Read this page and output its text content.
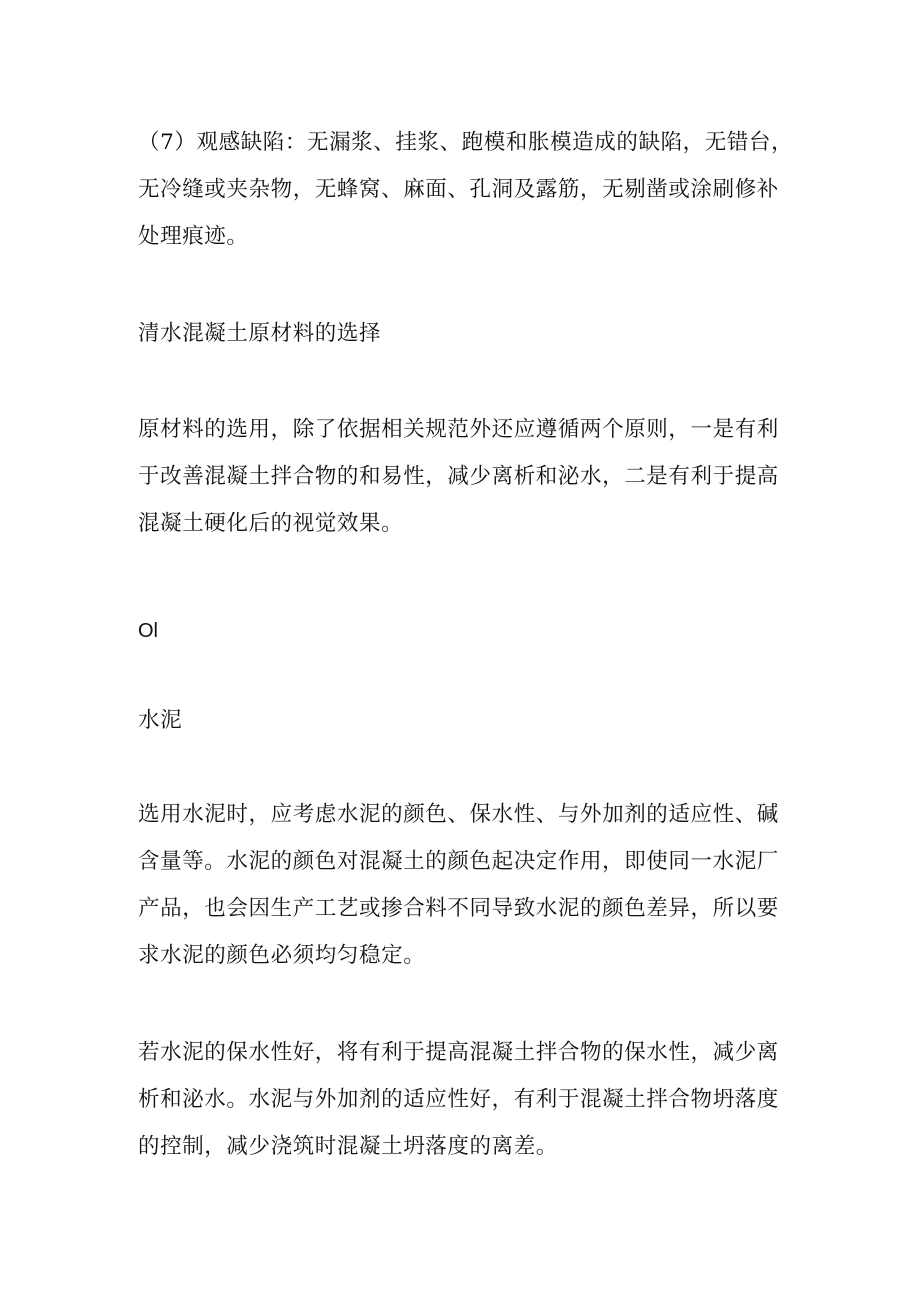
（7）观感缺陷：无漏浆、挂浆、跑模和胀模造成的缺陷，无错台，无冷缝或夹杂物，无蜂窝、麻面、孔洞及露筋，无剔凿或涂刷修补处理痕迹。

清水混凝土原材料的选择

原材料的选用，除了依据相关规范外还应遵循两个原则，一是有利于改善混凝土拌合物的和易性，减少离析和泌水，二是有利于提高混凝土硬化后的视觉效果。

Ol

水泥

选用水泥时，应考虑水泥的颜色、保水性、与外加剂的适应性、碱含量等。水泥的颜色对混凝土的颜色起决定作用，即使同一水泥厂产品，也会因生产工艺或掺合料不同导致水泥的颜色差异，所以要求水泥的颜色必须均匀稳定。

若水泥的保水性好，将有利于提高混凝土拌合物的保水性，减少离析和泌水。水泥与外加剂的适应性好，有利于混凝土拌合物坍落度的控制，减少浇筑时混凝土坍落度的离差。
